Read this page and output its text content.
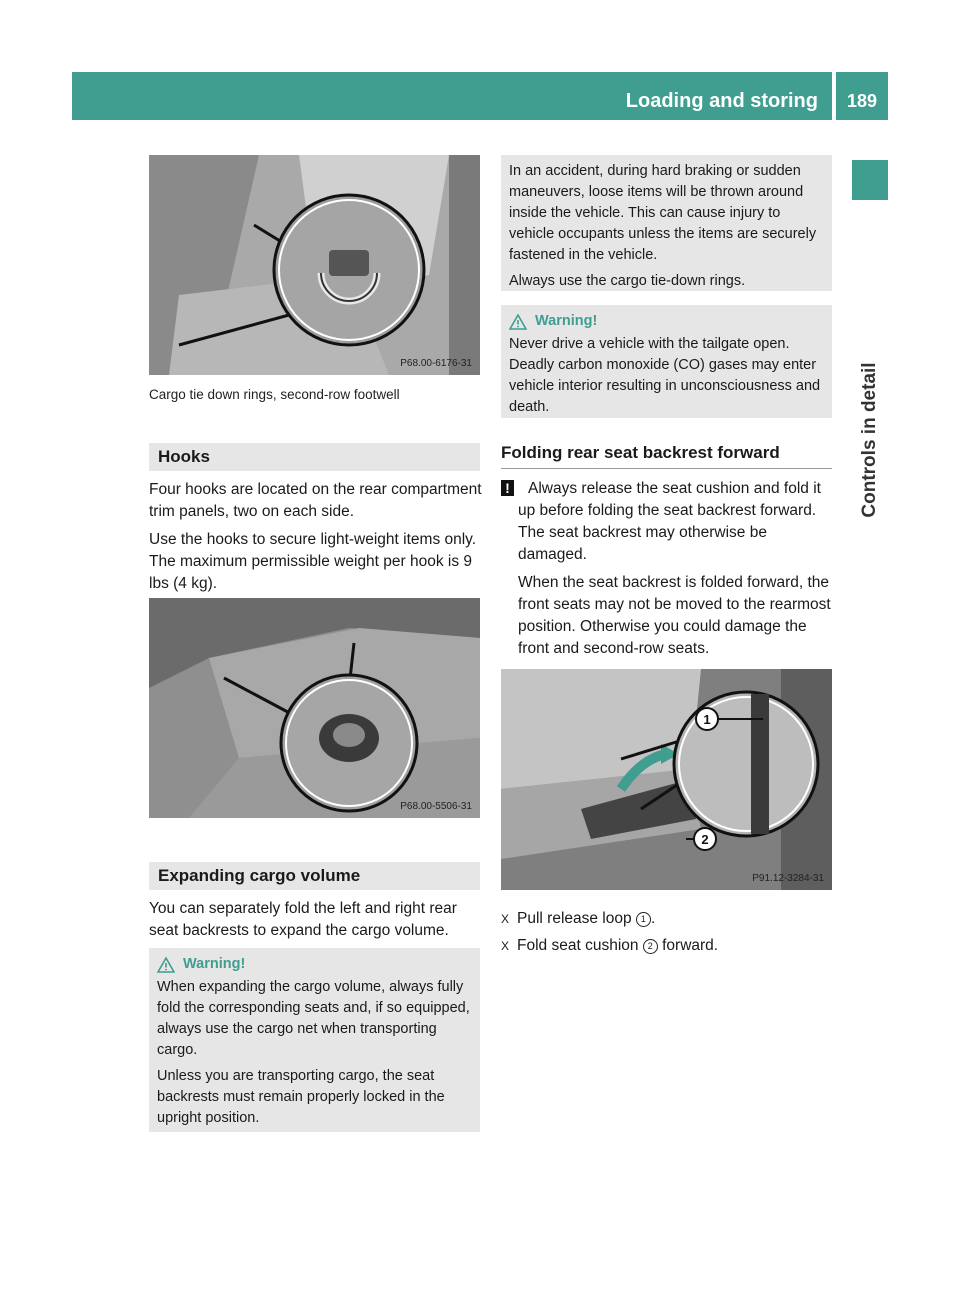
Loading and storing	189
Controls in detail
P68.00-6176-31
Cargo tie down rings, second-row footwell
Hooks

Four hooks are located on the rear compartment trim panels, two on each side.

Use the hooks to secure light-weight items only. The maximum permissible weight per hook is 9 lbs (4 kg).

P68.00-5506-31
Expanding cargo volume

You can separately fold the left and right rear seat backrests to expand the cargo volume.

Warning!

When expanding the cargo volume, always fully fold the corresponding seats and, if so equipped, always use the cargo net when transporting cargo.

Unless you are transporting cargo, the seat backrests must remain properly locked in the upright position.

In an accident, during hard braking or sudden maneuvers, loose items will be thrown around inside the vehicle. This can cause injury to vehicle occupants unless the items are securely fastened in the vehicle.

Always use the cargo tie-down rings.

Warning!

Never drive a vehicle with the tailgate open. Deadly carbon monoxide (CO) gases may enter vehicle interior resulting in unconsciousness and death.

Folding rear seat backrest forward
!	Always release the seat cushion and fold it up before folding the seat backrest forward. The seat backrest may otherwise be damaged.

When the seat backrest is folded forward, the front seats may not be moved to the rearmost position. Otherwise you could damage the front and second-row seats.

1
2
P91.12-3284-31
X Pull release loop 1 .
X Fold seat cushion 2 forward.
